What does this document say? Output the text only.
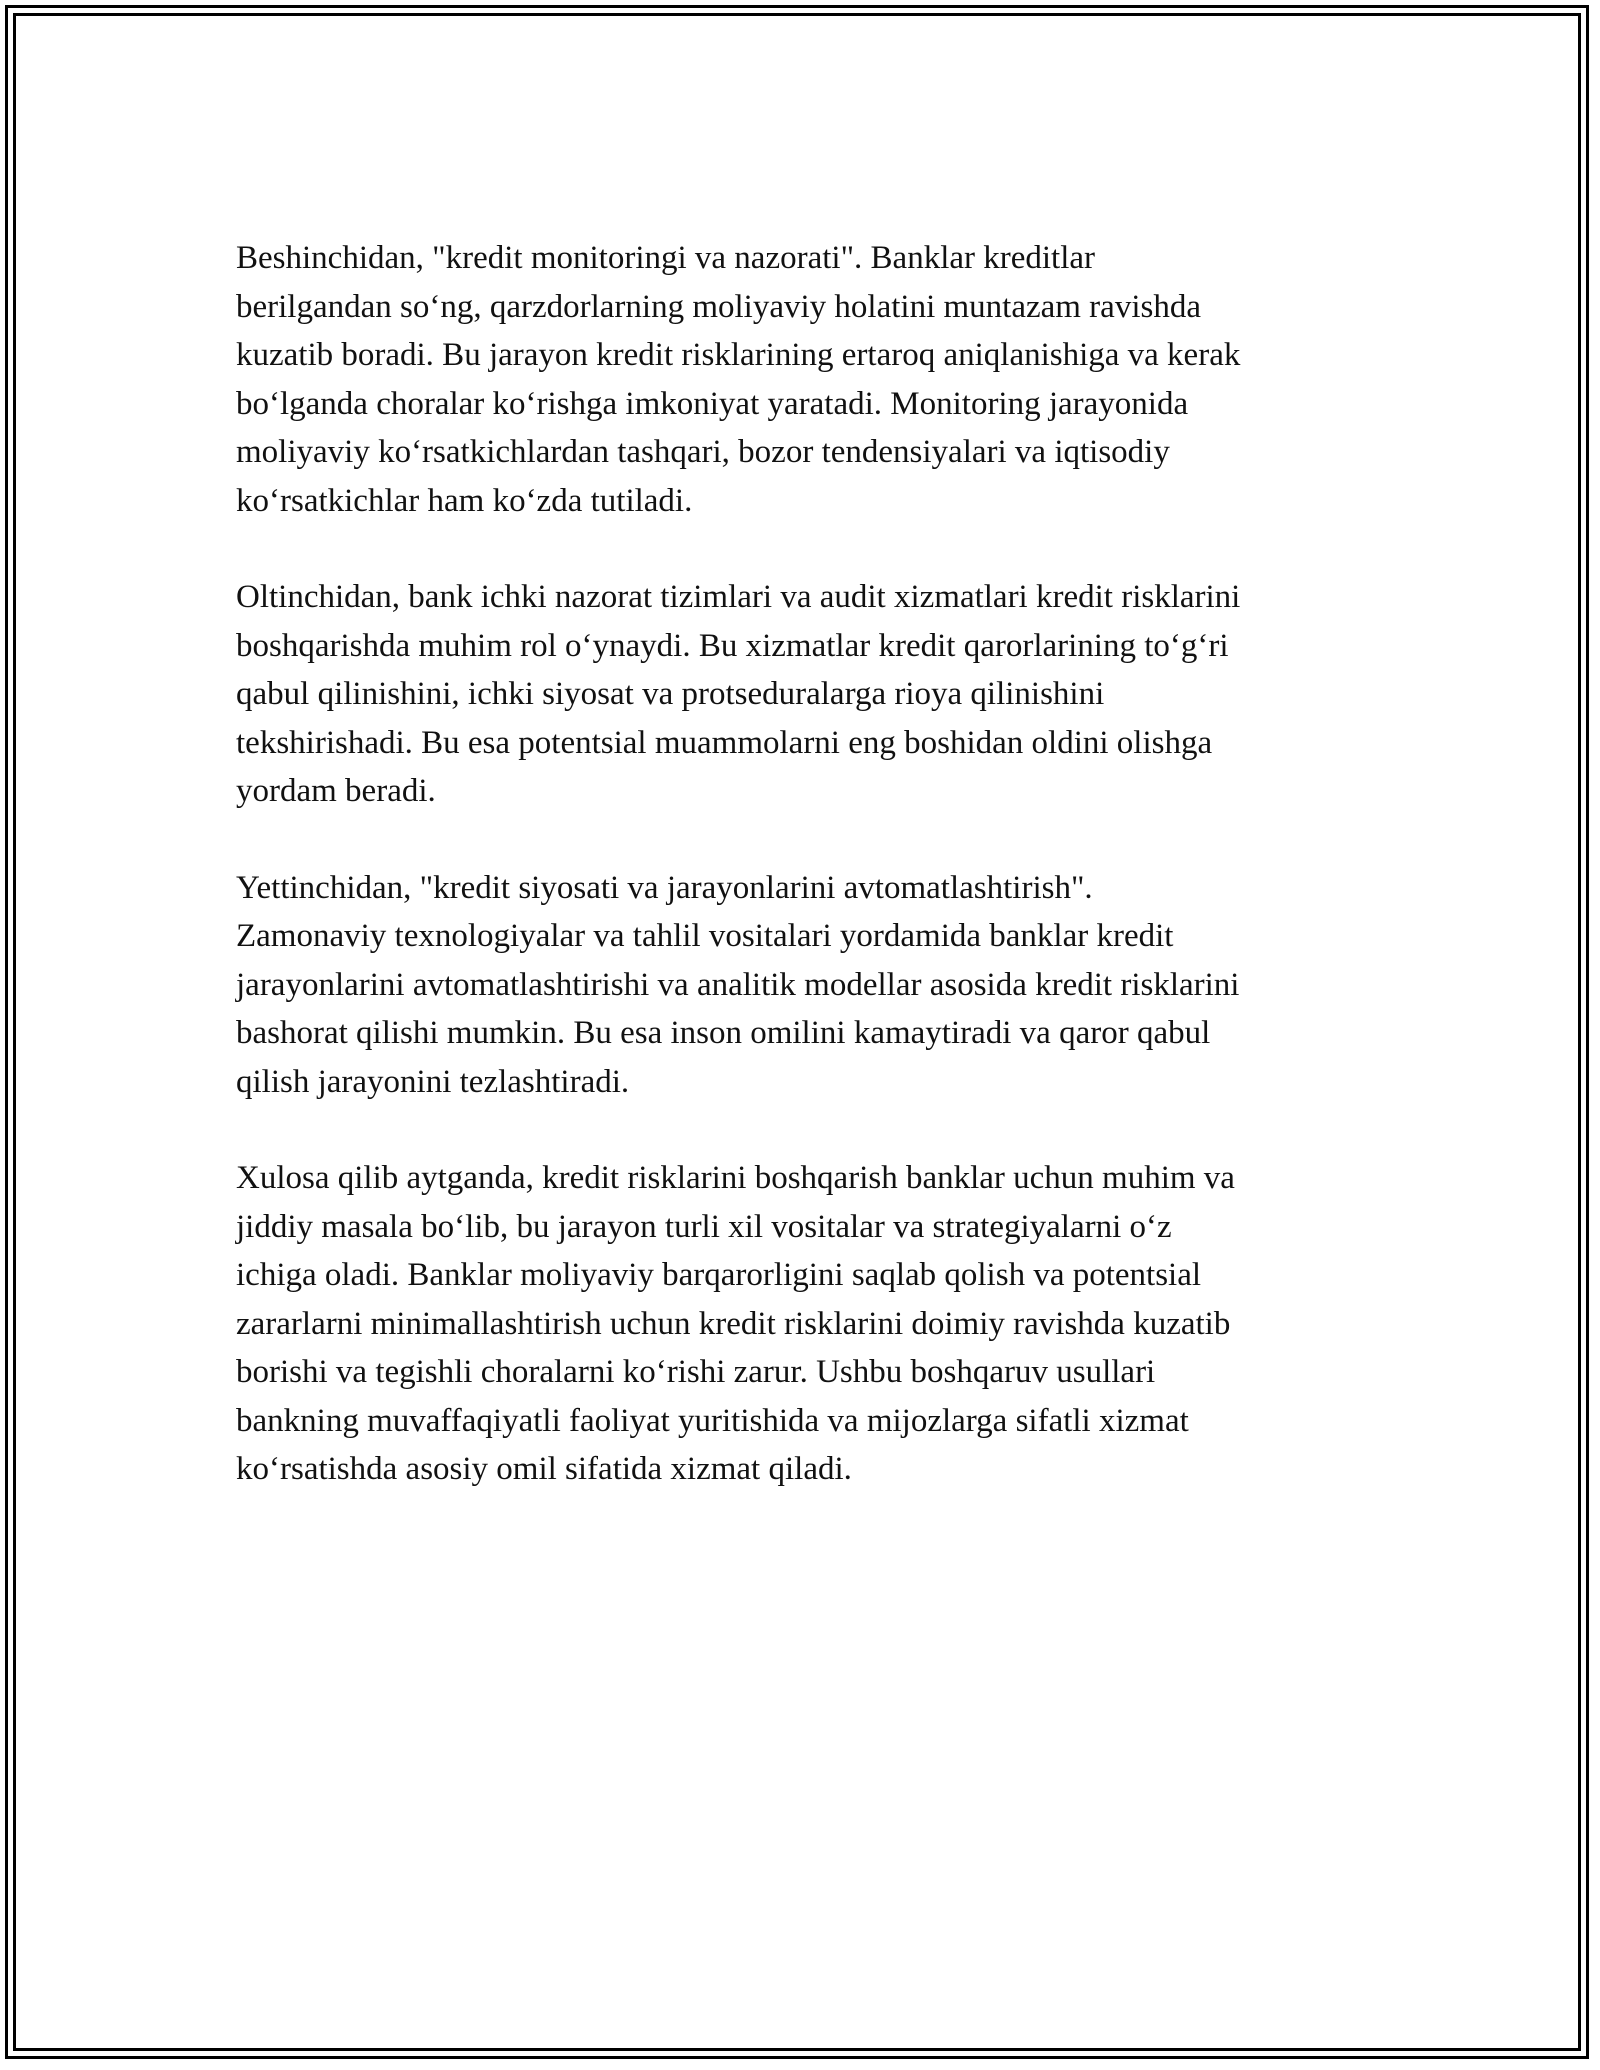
Beshinchidan, "kredit monitoringi va nazorati". Banklar kreditlar
berilgandan so‘ng, qarzdorlarning moliyaviy holatini muntazam ravishda
kuzatib boradi. Bu jarayon kredit risklarining ertaroq aniqlanishiga va kerak
bo‘lganda choralar ko‘rishga imkoniyat yaratadi. Monitoring jarayonida
moliyaviy ko‘rsatkichlardan tashqari, bozor tendensiyalari va iqtisodiy
ko‘rsatkichlar ham ko‘zda tutiladi.

Oltinchidan, bank ichki nazorat tizimlari va audit xizmatlari kredit risklarini
boshqarishda muhim rol o‘ynaydi. Bu xizmatlar kredit qarorlarining to‘g‘ri
qabul qilinishini, ichki siyosat va protseduralarga rioya qilinishini
tekshirishadi. Bu esa potentsial muammolarni eng boshidan oldini olishga
yordam beradi.

Yettinchidan, "kredit siyosati va jarayonlarini avtomatlashtirish".
Zamonaviy texnologiyalar va tahlil vositalari yordamida banklar kredit
jarayonlarini avtomatlashtirishi va analitik modellar asosida kredit risklarini
bashorat qilishi mumkin. Bu esa inson omilini kamaytiradi va qaror qabul
qilish jarayonini tezlashtiradi.

Xulosa qilib aytganda, kredit risklarini boshqarish banklar uchun muhim va
jiddiy masala bo‘lib, bu jarayon turli xil vositalar va strategiyalarni o‘z
ichiga oladi. Banklar moliyaviy barqarorligini saqlab qolish va potentsial
zararlarni minimallashtirish uchun kredit risklarini doimiy ravishda kuzatib
borishi va tegishli choralarni ko‘rishi zarur. Ushbu boshqaruv usullari
bankning muvaffaqiyatli faoliyat yuritishida va mijozlarga sifatli xizmat
ko‘rsatishda asosiy omil sifatida xizmat qiladi.
